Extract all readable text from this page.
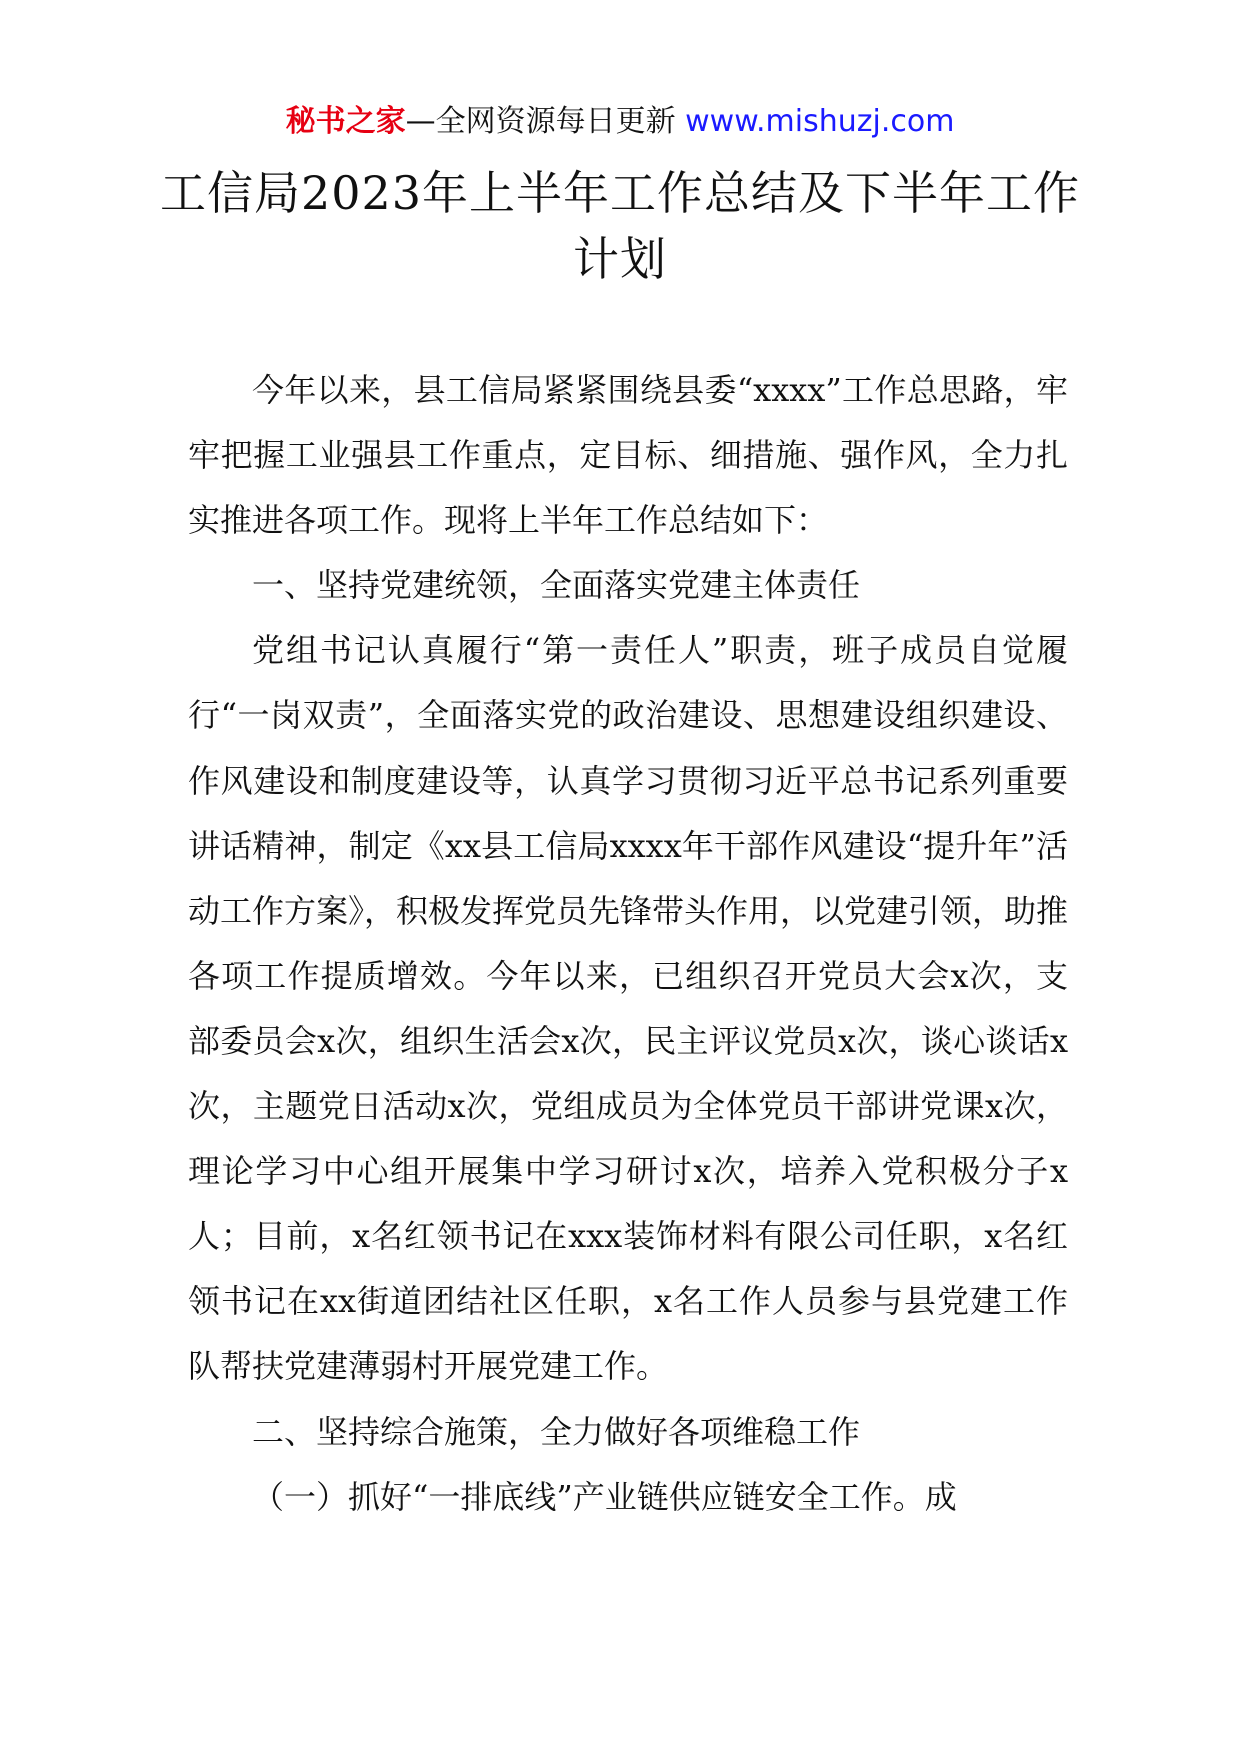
秘书之家—全网资源每日更新 www.mishuzj.com
工信局2023年上半年工作总结及下半年工作计划

今年以来，县工信局紧紧围绕县委“xxxx”工作总思路，牢牢把握工业强县工作重点，定目标、细措施、强作风，全力扎实推进各项工作。现将上半年工作总结如下：

一、坚持党建统领，全面落实党建主体责任

党组书记认真履行“第一责任人”职责，班子成员自觉履行“一岗双责”，全面落实党的政治建设、思想建设组织建设、作风建设和制度建设等，认真学习贯彻习近平总书记系列重要讲话精神，制定《xx县工信局xxxx年干部作风建设“提升年”活动工作方案》，积极发挥党员先锋带头作用，以党建引领，助推各项工作提质增效。今年以来，已组织召开党员大会x次，支部委员会x次，组织生活会x次，民主评议党员x次，谈心谈话x次，主题党日活动x次，党组成员为全体党员干部讲党课x次，理论学习中心组开展集中学习研讨x次，培养入党积极分子x人；目前，x名红领书记在xxx装饰材料有限公司任职，x名红领书记在xx街道团结社区任职，x名工作人员参与县党建工作队帮扶党建薄弱村开展党建工作。

二、坚持综合施策，全力做好各项维稳工作

（一）抓好“一排底线”产业链供应链安全工作。成
